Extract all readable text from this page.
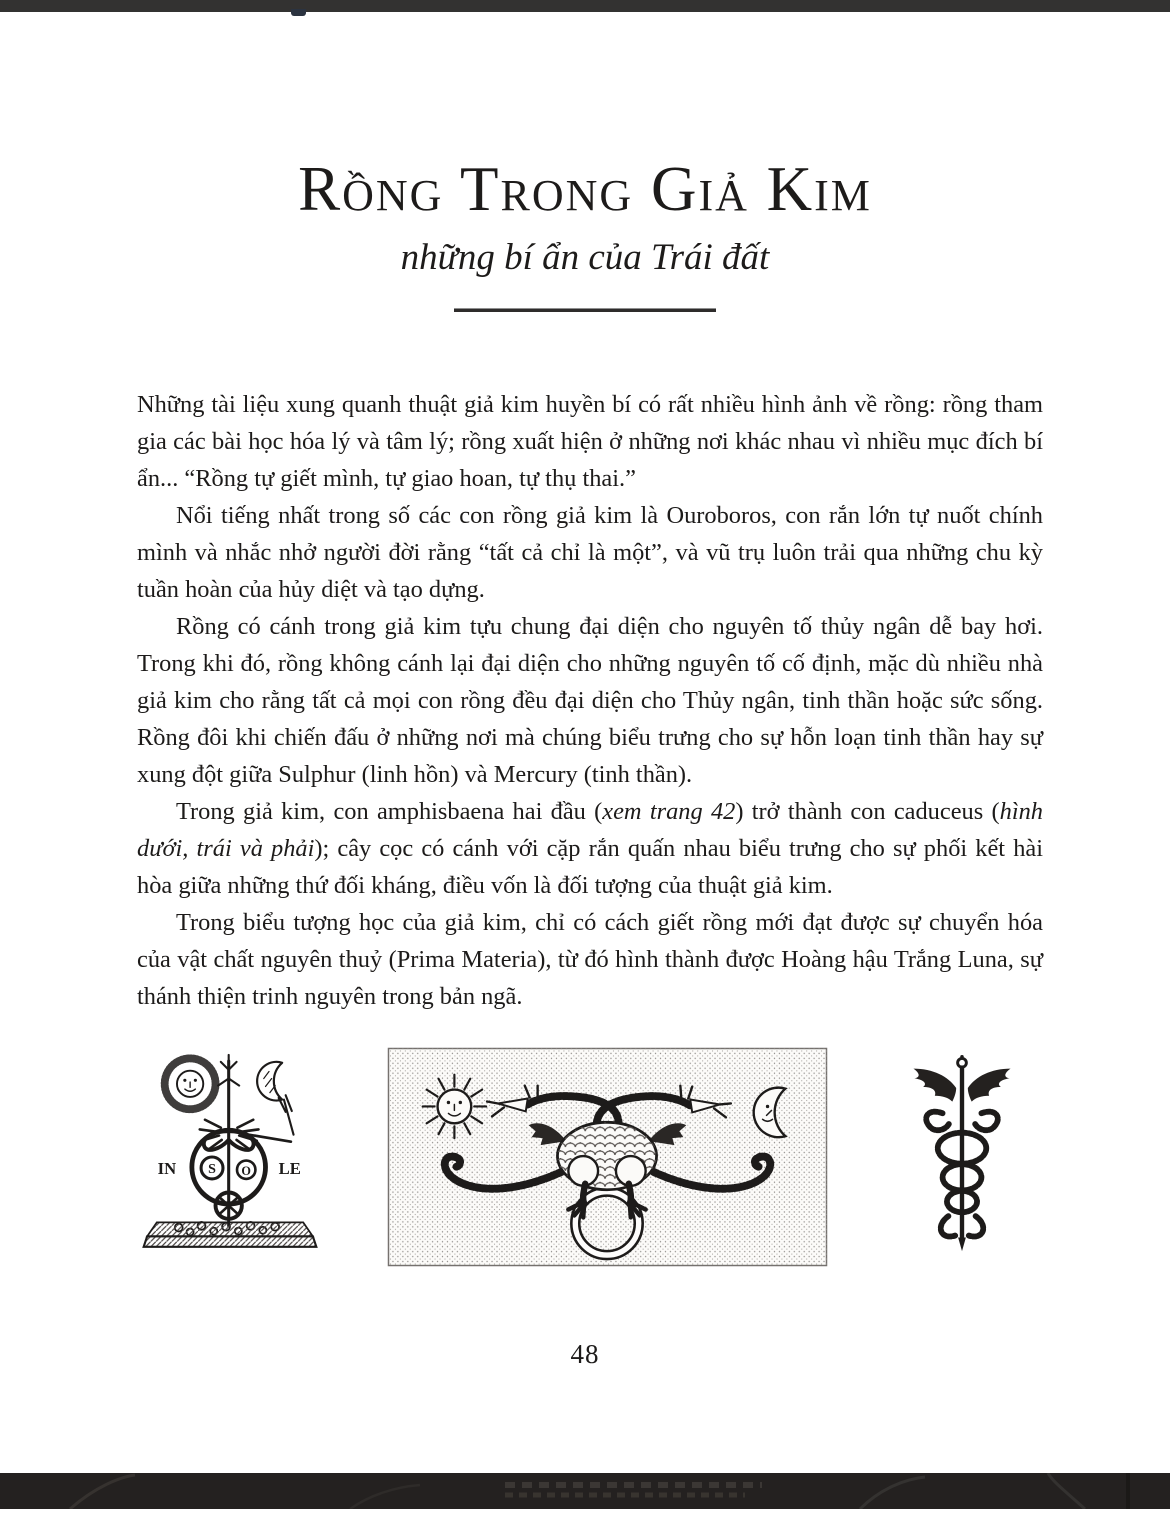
Rồng Trong Giả Kim
những bí ẩn của Trái đất

Những tài liệu xung quanh thuật giả kim huyền bí có rất nhiều hình ảnh về rồng: rồng tham gia các bài học hóa lý và tâm lý; rồng xuất hiện ở những nơi khác nhau vì nhiều mục đích bí ẩn... “Rồng tự giết mình, tự giao hoan, tự thụ thai.”

Nổi tiếng nhất trong số các con rồng giả kim là Ouroboros, con rắn lớn tự nuốt chính mình và nhắc nhở người đời rằng “tất cả chỉ là một”, và vũ trụ luôn trải qua những chu kỳ tuần hoàn của hủy diệt và tạo dựng.

Rồng có cánh trong giả kim tựu chung đại diện cho nguyên tố thủy ngân dễ bay hơi. Trong khi đó, rồng không cánh lại đại diện cho những nguyên tố cố định, mặc dù nhiều nhà giả kim cho rằng tất cả mọi con rồng đều đại diện cho Thủy ngân, tinh thần hoặc sức sống. Rồng đôi khi chiến đấu ở những nơi mà chúng biểu trưng cho sự hỗn loạn tinh thần hay sự xung đột giữa Sulphur (linh hồn) và Mercury (tinh thần).

Trong giả kim, con amphisbaena hai đầu (xem trang 42) trở thành con caduceus (hình dưới, trái và phải); cây cọc có cánh với cặp rắn quấn nhau biểu trưng cho sự phối kết hài hòa giữa những thứ đối kháng, điều vốn là đối tượng của thuật giả kim.

Trong biểu tượng học của giả kim, chỉ có cách giết rồng mới đạt được sự chuyển hóa của vật chất nguyên thuỷ (Prima Materia), từ đó hình thành được Hoàng hậu Trắng Luna, sự thánh thiện trinh nguyên trong bản ngã.

IN S O LE
48
